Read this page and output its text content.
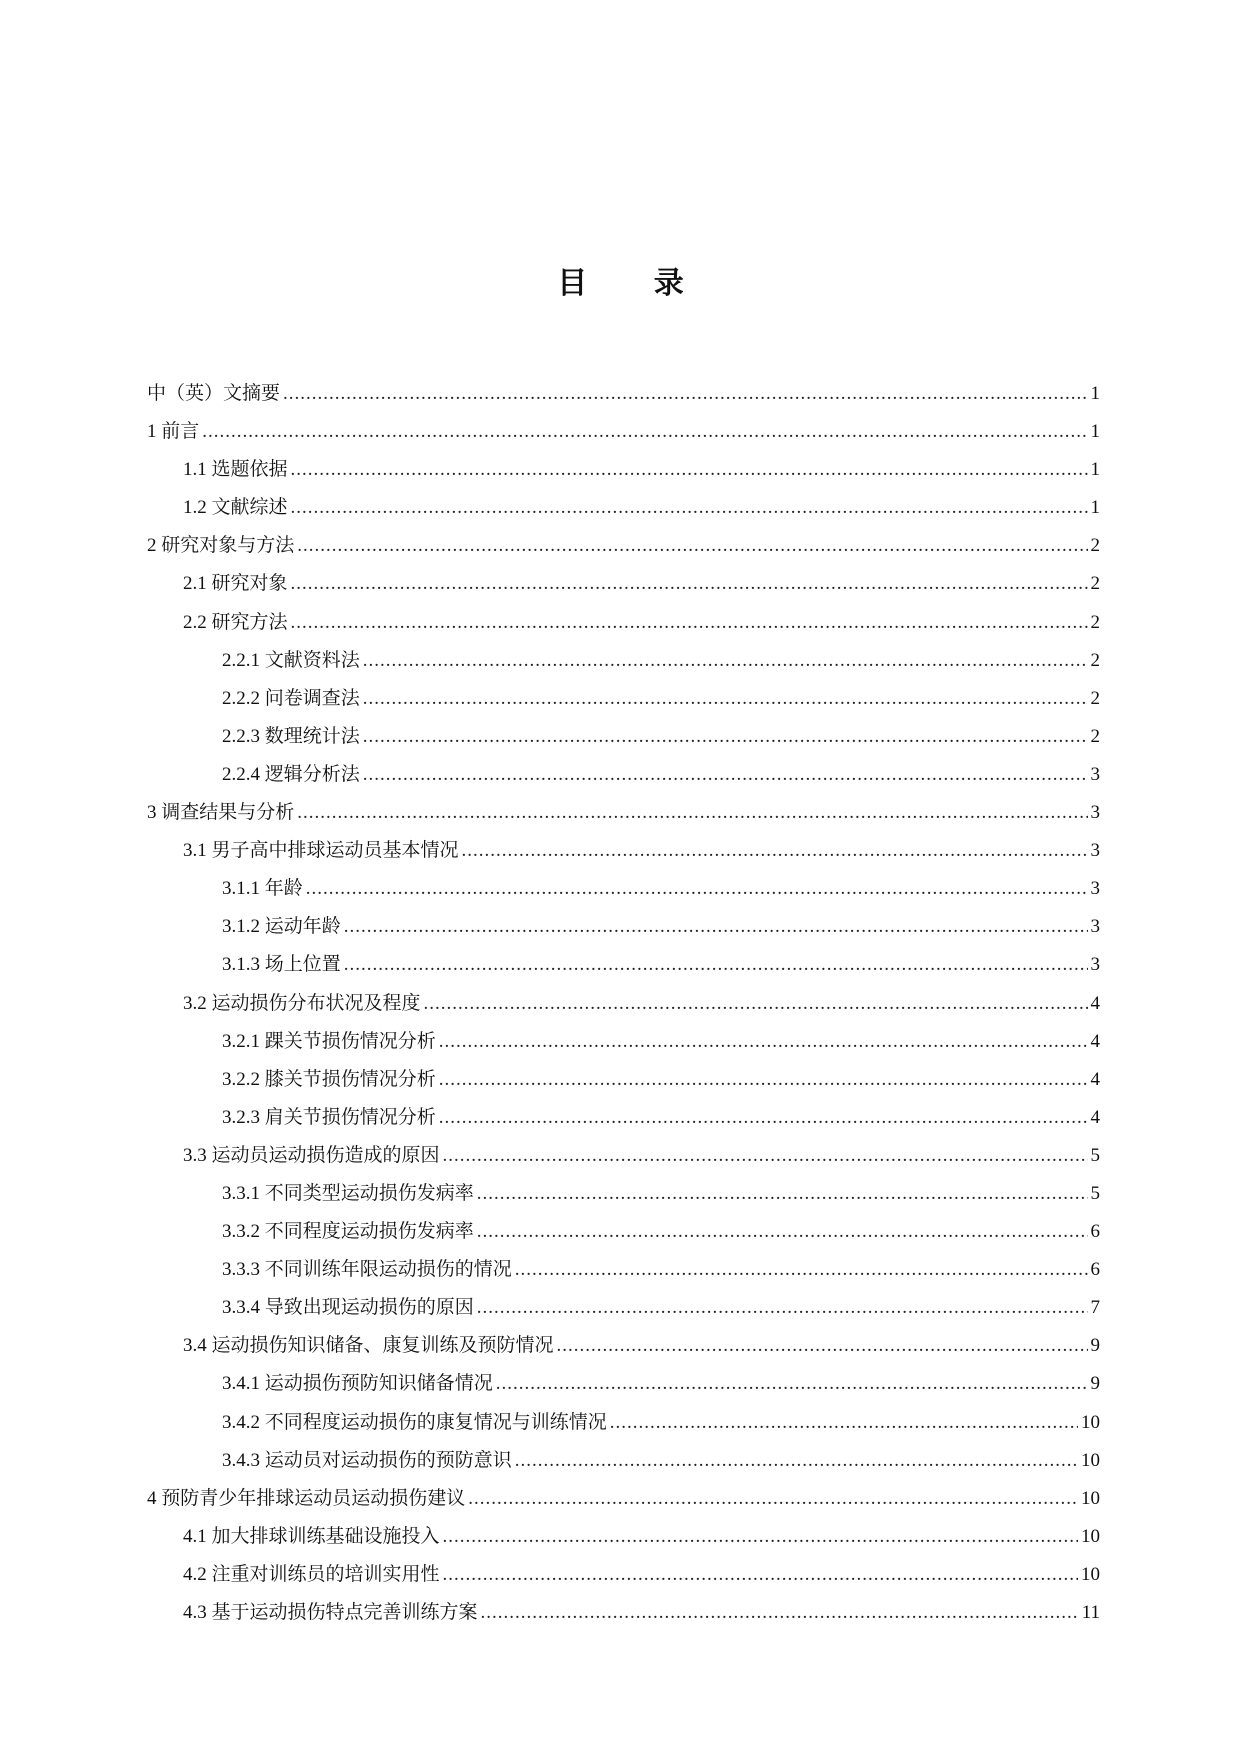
目 录
中（英）文摘要 .....	1
1 前言 .....	1
1.1 选题依据 .....	1
1.2 文献综述 .....	1
2 研究对象与方法 .....	2
2.1 研究对象 .....	2
2.2 研究方法 .....	2
2.2.1 文献资料法 .....	2
2.2.2 问卷调查法 .....	2
2.2.3 数理统计法 .....	2
2.2.4 逻辑分析法 .....	3
3 调查结果与分析 .....	3
3.1 男子高中排球运动员基本情况 .....	3
3.1.1 年龄 .....	3
3.1.2 运动年龄 .....	3
3.1.3 场上位置 .....	3
3.2 运动损伤分布状况及程度 .....	4
3.2.1 踝关节损伤情况分析 .....	4
3.2.2 膝关节损伤情况分析 .....	4
3.2.3 肩关节损伤情况分析 .....	4
3.3 运动员运动损伤造成的原因 .....	5
3.3.1 不同类型运动损伤发病率 .....	5
3.3.2 不同程度运动损伤发病率 .....	6
3.3.3 不同训练年限运动损伤的情况 .....	6
3.3.4 导致出现运动损伤的原因 .....	7
3.4 运动损伤知识储备、康复训练及预防情况 .....	9
3.4.1 运动损伤预防知识储备情况 .....	9
3.4.2 不同程度运动损伤的康复情况与训练情况 .....	10
3.4.3 运动员对运动损伤的预防意识 .....	10
4 预防青少年排球运动员运动损伤建议 .....	10
4.1 加大排球训练基础设施投入 .....	10
4.2 注重对训练员的培训实用性 .....	10
4.3 基于运动损伤特点完善训练方案 .....	11
